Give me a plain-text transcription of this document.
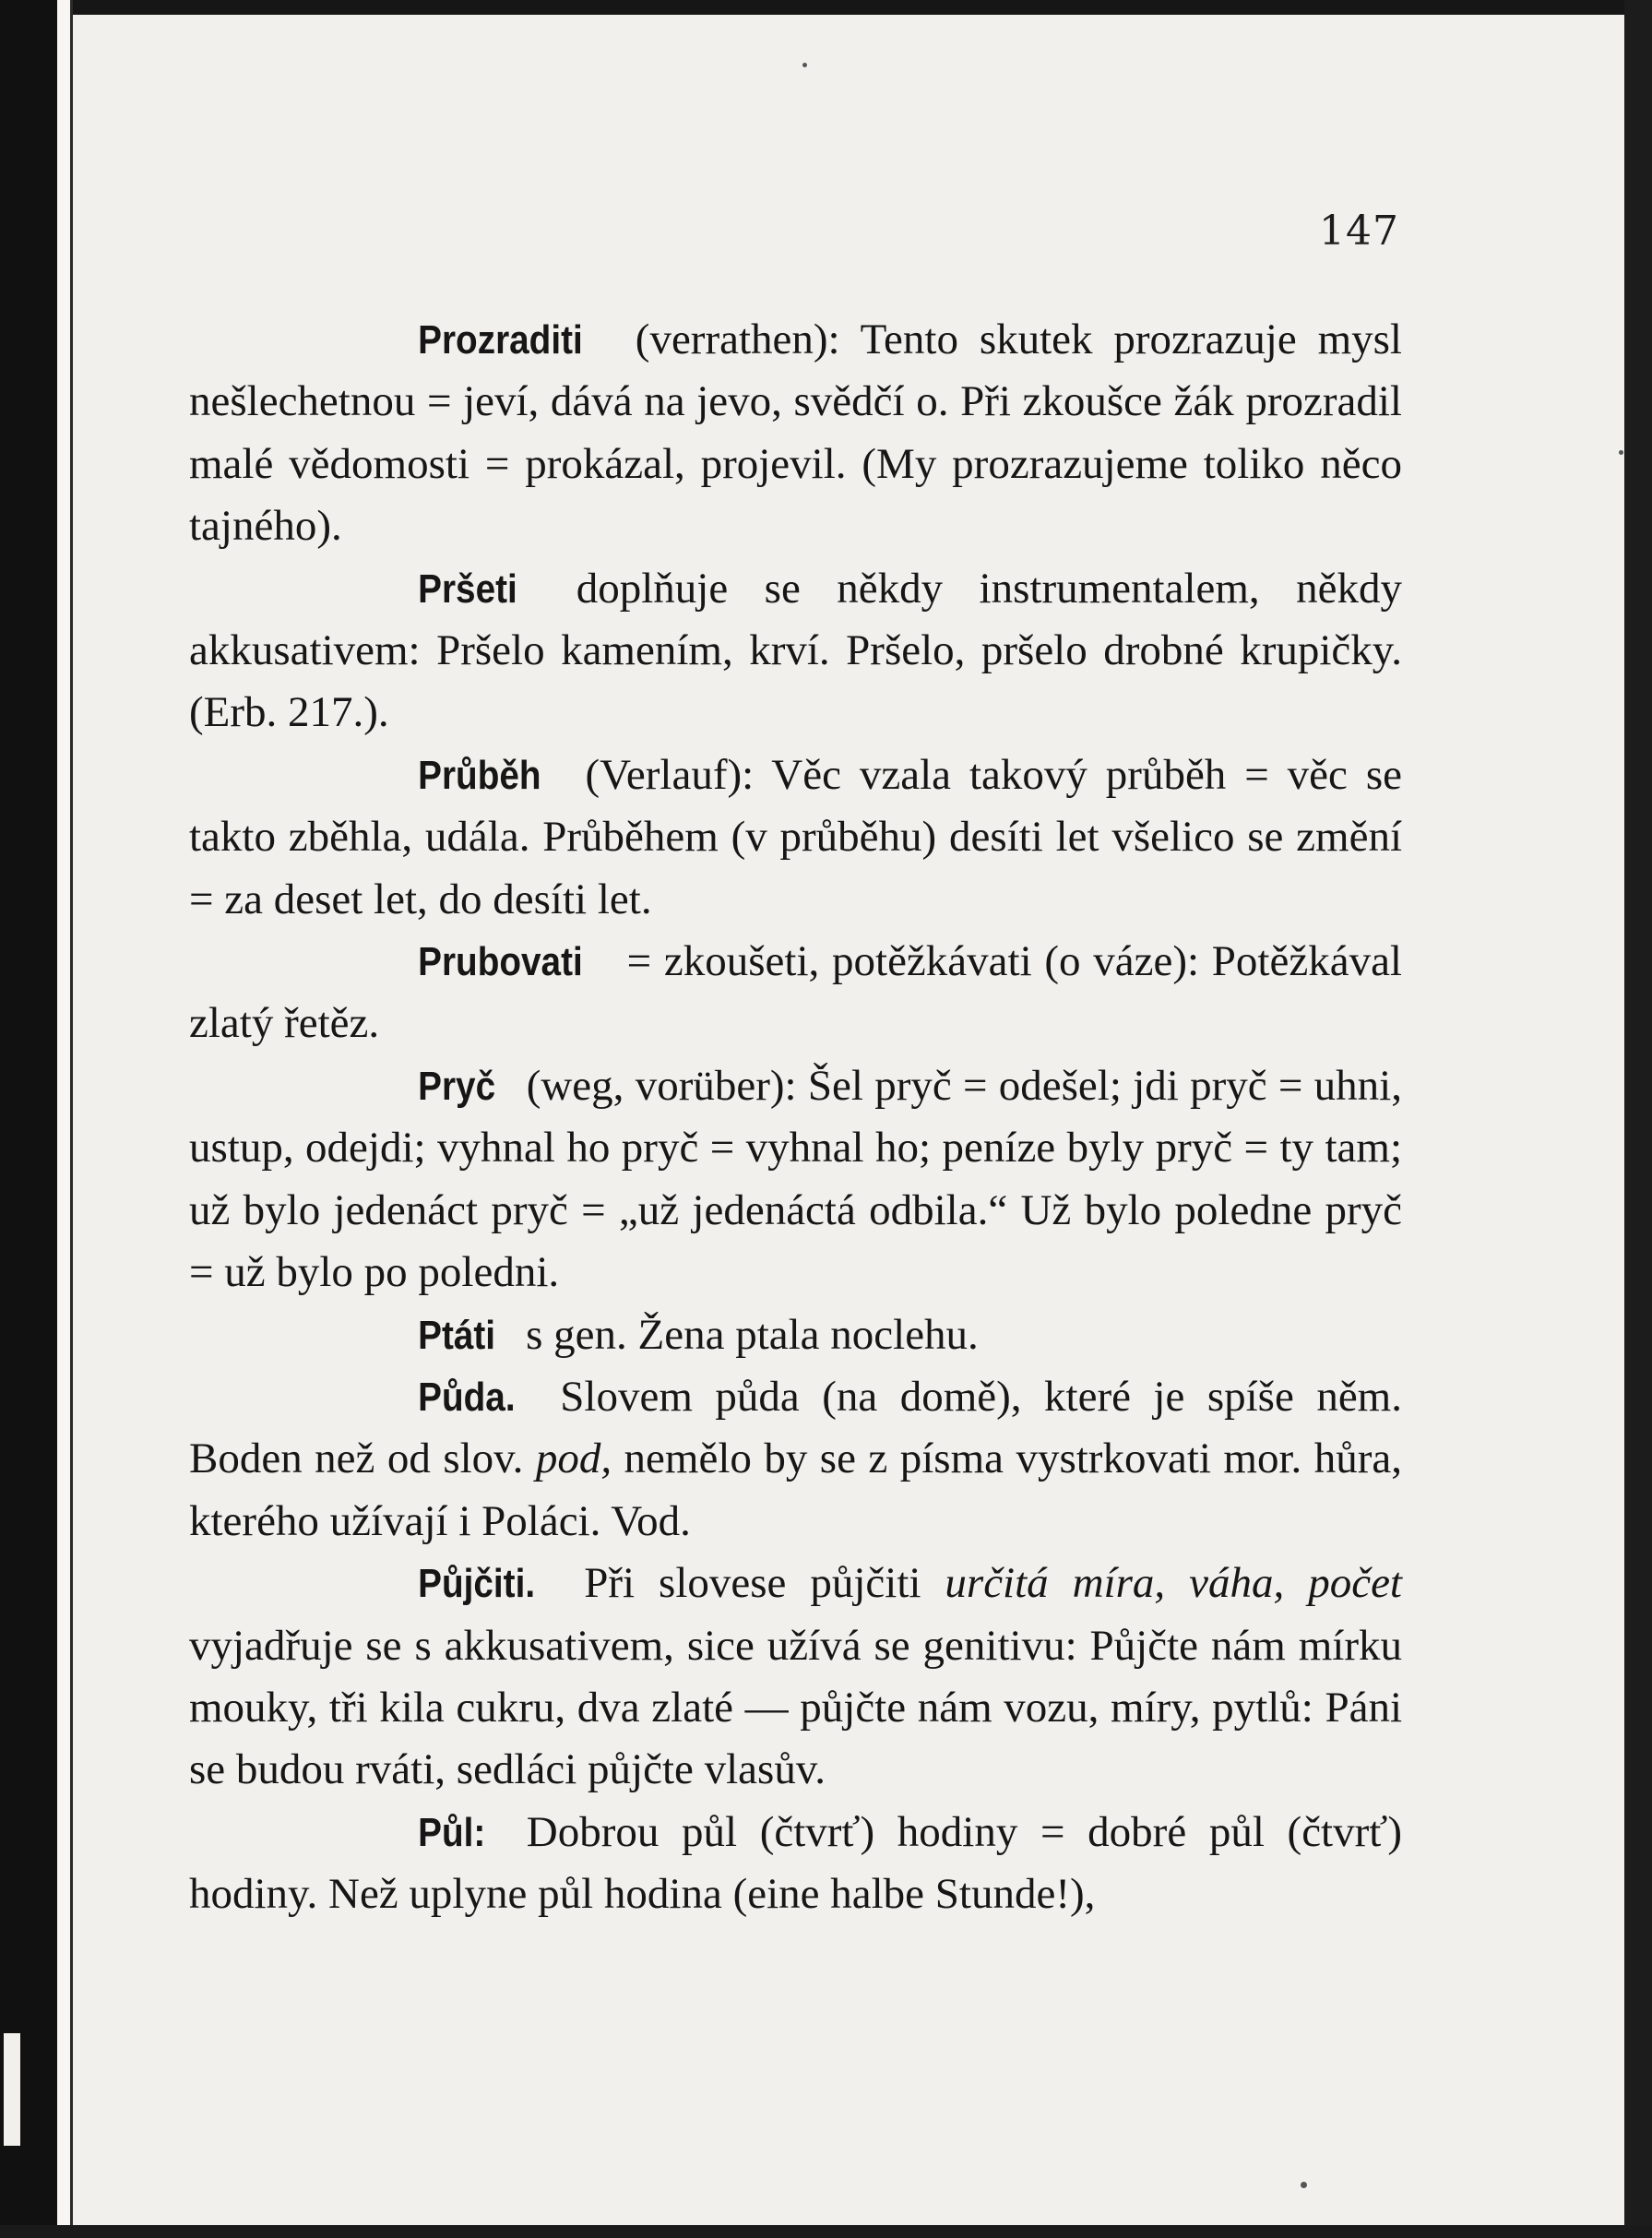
147

Prozraditi (verrathen): Tento skutek prozrazuje mysl nešlechetnou = jeví, dává na jevo, svědčí o. Při zkoušce žák prozradil malé vědomosti = prokázal, projevil. (My prozrazujeme toliko něco tajného).

Pršeti doplňuje se někdy instrumentalem, někdy akkusativem: Pršelo kamením, krví. Pršelo, pršelo drobné krupičky. (Erb. 217.).

Průběh (Verlauf): Věc vzala takový průběh = věc se takto zběhla, udála. Průběhem (v průběhu) desíti let všelico se změní = za deset let, do desíti let.

Prubovati = zkoušeti, potěžkávati (o váze): Potěžkával zlatý řetěz.

Pryč (weg, vorüber): Šel pryč = odešel; jdi pryč = uhni, ustup, odejdi; vyhnal ho pryč = vyhnal ho; peníze byly pryč = ty tam; už bylo jedenáct pryč = „už jedenáctá odbila.“ Už bylo poledne pryč = už bylo po poledni.

Ptáti s gen. Žena ptala noclehu.

Půda. Slovem půda (na domě), které je spíše něm. Boden než od slov. pod, nemělo by se z písma vystrkovati mor. hůra, kterého užívají i Poláci. Vod.

Půjčiti. Při slovese půjčiti určitá míra, váha, počet vyjadřuje se s akkusativem, sice užívá se genitivu: Půjčte nám mírku mouky, tři kila cukru, dva zlaté — půjčte nám vozu, míry, pytlů: Páni se budou rváti, sedláci půjčte vlasův.

Půl: Dobrou půl (čtvrť) hodiny = dobré půl (čtvrť) hodiny. Než uplyne půl hodina (eine halbe Stunde!),
